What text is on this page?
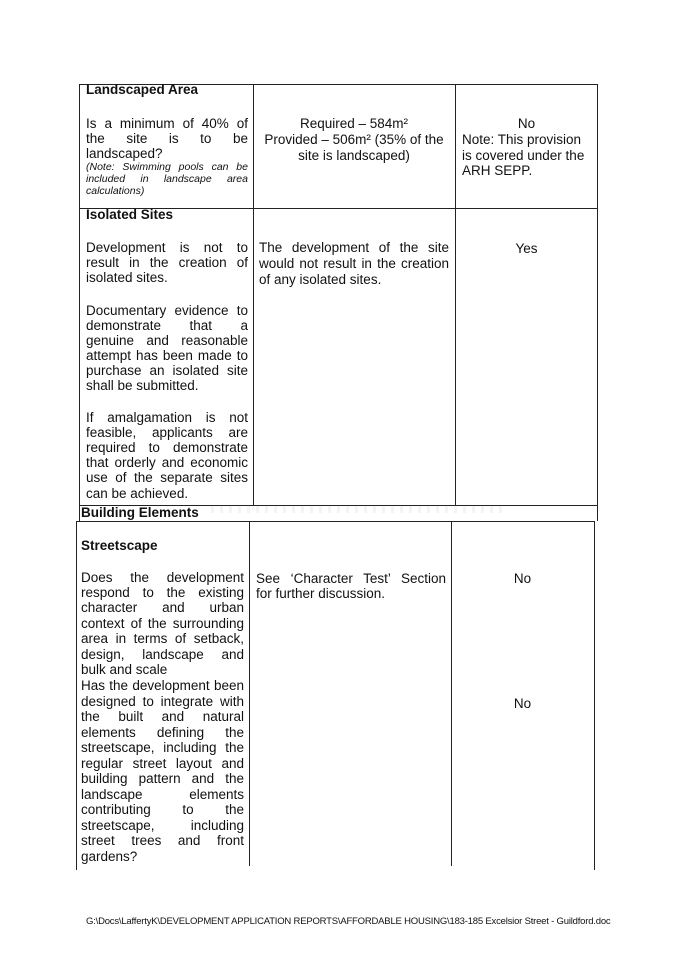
Landscaped Area
Is a minimum of 40% of
the site is to be
landscaped?
(Note: Swimming pools can be
included in landscape area
calculations)
Required – 584m²
Provided – 506m² (35% of the
site is landscaped)
No
Note: This provision
is covered under the
ARH SEPP.
Isolated Sites
Development is not to
result in the creation of
isolated sites.
Documentary evidence to
demonstrate that a
genuine and reasonable
attempt has been made to
purchase an isolated site
shall be submitted.
If amalgamation is not
feasible, applicants are
required to demonstrate
that orderly and economic
use of the separate sites
can be achieved.
The development of the site
would not result in the creation
of any isolated sites.
Yes
Building Elements
Streetscape
Does the development
respond to the existing
character and urban
context of the surrounding
area in terms of setback,
design, landscape and
bulk and scale
Has the development been
designed to integrate with
the built and natural
elements defining the
streetscape, including the
regular street layout and
building pattern and the
landscape elements
contributing to the
streetscape, including
street trees and front
gardens?
See ‘Character Test’ Section
for further discussion.
No
No
G:\Docs\LaffertyK\DEVELOPMENT APPLICATION REPORTS\AFFORDABLE HOUSING\183-185 Excelsior Street - Guildford.doc
